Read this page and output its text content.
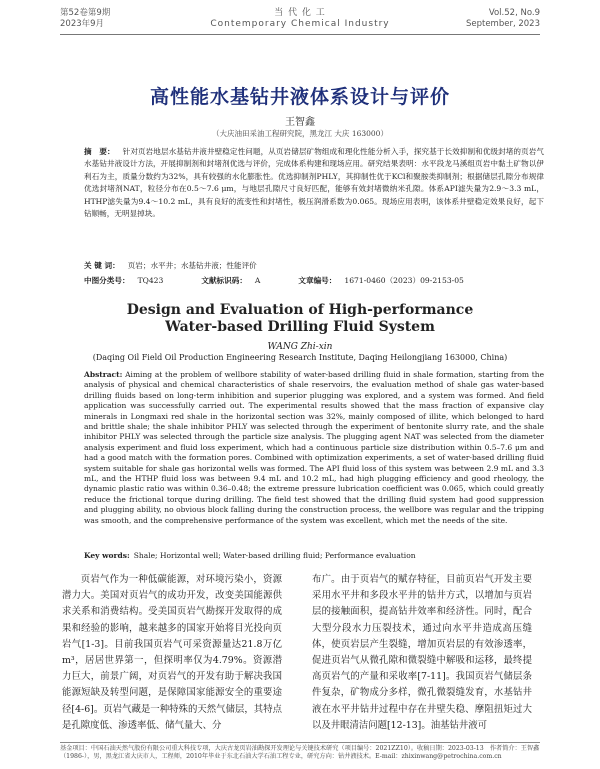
第52卷第9期
2023年9月
当 代 化 工
Contemporary Chemical Industry
Vol.52, No.9
September, 2023
高性能水基钻井液体系设计与评价
王智鑫
（大庆油田采油工程研究院，黑龙江 大庆 163000）
摘　要： 针对页岩地层水基钻井液井壁稳定性问题，从页岩储层矿物组成和理化性能分析入手，探究基于长效抑制和优级封堵的页岩气水基钻井液设计方法，开展抑制剂和封堵剂优选与评价，完成体系构建和现场应用。研究结果表明：水平段龙马溪组页岩中黏土矿物以伊利石为主，质量分数约为32%，具有较强的水化膨胀性。优选抑制剂PHLY，其抑制性优于KCl和聚胺类抑制剂；根据储层孔隙分布规律优选封堵剂NAT，粒径分布在0.5～7.6 μm，与地层孔隙尺寸良好匹配，能够有效封堵微纳米孔隙。体系API滤失量为2.9～3.3 mL，HTHP滤失量为9.4～10.2 mL，具有良好的流变性和封堵性，极压润滑系数为0.065。现场应用表明，该体系井壁稳定效果良好，起下钻顺畅，无明显掉块。
关 键 词： 页岩；水平井；水基钻井液；性能评价
中图分类号： TQ423	文献标识码： A	文章编号： 1671-0460（2023）09-2153-05
Design and Evaluation of High-performance
Water-based Drilling Fluid System
WANG Zhi-xin
(Daqing Oil Field Oil Production Engineering Research Institute, Daqing Heilongjiang 163000, China)
Abstract: Aiming at the problem of wellbore stability of water-based drilling fluid in shale formation, starting from the analysis of physical and chemical characteristics of shale reservoirs, the evaluation method of shale gas water-based drilling fluids based on long-term inhibition and superior plugging was explored, and a system was formed. And field application was successfully carried out. The experimental results showed that the mass fraction of expansive clay minerals in Longmaxi red shale in the horizontal section was 32%, mainly composed of illite, which belonged to hard and brittle shale; the shale inhibitor PHLY was selected through the experiment of bentonite slurry rate, and the shale inhibitor PHLY was selected through the particle size analysis. The plugging agent NAT was selected from the diameter analysis experiment and fluid loss experiment, which had a continuous particle size distribution within 0.5–7.6 μm and had a good match with the formation pores. Combined with optimization experiments, a set of water-based drilling fluid system suitable for shale gas horizontal wells was formed. The API fluid loss of this system was between 2.9 mL and 3.3 mL, and the HTHP fluid loss was between 9.4 mL and 10.2 mL, had high plugging efficiency and good rheology, the dynamic plastic ratio was within 0.36–0.48; the extreme pressure lubrication coefficient was 0.065, which could greatly reduce the frictional torque during drilling. The field test showed that the drilling fluid system had good suppression and plugging ability, no obvious block falling during the construction process, the wellbore was regular and the tripping was smooth, and the comprehensive performance of the system was excellent, which met the needs of the site.
Key words: Shale; Horizontal well; Water-based drilling fluid; Performance evaluation

页岩气作为一种低碳能源，对环境污染小，资源潜力大。美国对页岩气的成功开发，改变美国能源供求关系和消费结构。受美国页岩气勘探开发取得的成果和经验的影响，越来越多的国家开始将目光投向页岩气[1-3]。目前我国页岩气可采资源量达21.8万亿m³，居居世界第一，但探明率仅为4.79%。资源潜力巨大，前景广阔，对页岩气的开发有助于解决我国能源短缺及转型问题，是保障国家能源安全的重要途径[4-6]。页岩气藏是一种特殊的天然气储层，其特点是孔隙度低、渗透率低、储气量大、分

布广。由于页岩气的赋存特征，目前页岩气开发主要采用水平井和多段水平井的钻井方式，以增加与页岩层的接触面积，提高钻井效率和经济性。同时，配合大型分段水力压裂技术，通过向水平井造成高压缝体，使页岩层产生裂缝，增加页岩层的有效渗透率，促进页岩气从微孔隙和微裂缝中解吸和运移，最终提高页岩气的产量和采收率[7-11]。我国页岩气储层条件复杂，矿物成分多样，微孔微裂缝发育，水基钻井液在水平井钻井过程中存在井壁失稳、摩阻扭矩过大以及井眼清洁问题[12-13]。油基钻井液可

基金项目：中国石油天然气股份有限公司重大科技专项，大庆古龙页岩油勘探开发理论与关键技术研究（项目编号：2021ZZ10）。收稿日期：2023-03-13　作者简介：王智鑫（1986-），男，黑龙江省大庆市人，工程师，2010年毕业于东北石油大学石油工程专业，研究方向：钻井液技术。E-mail：zhixinwang@petrochina.com.cn
